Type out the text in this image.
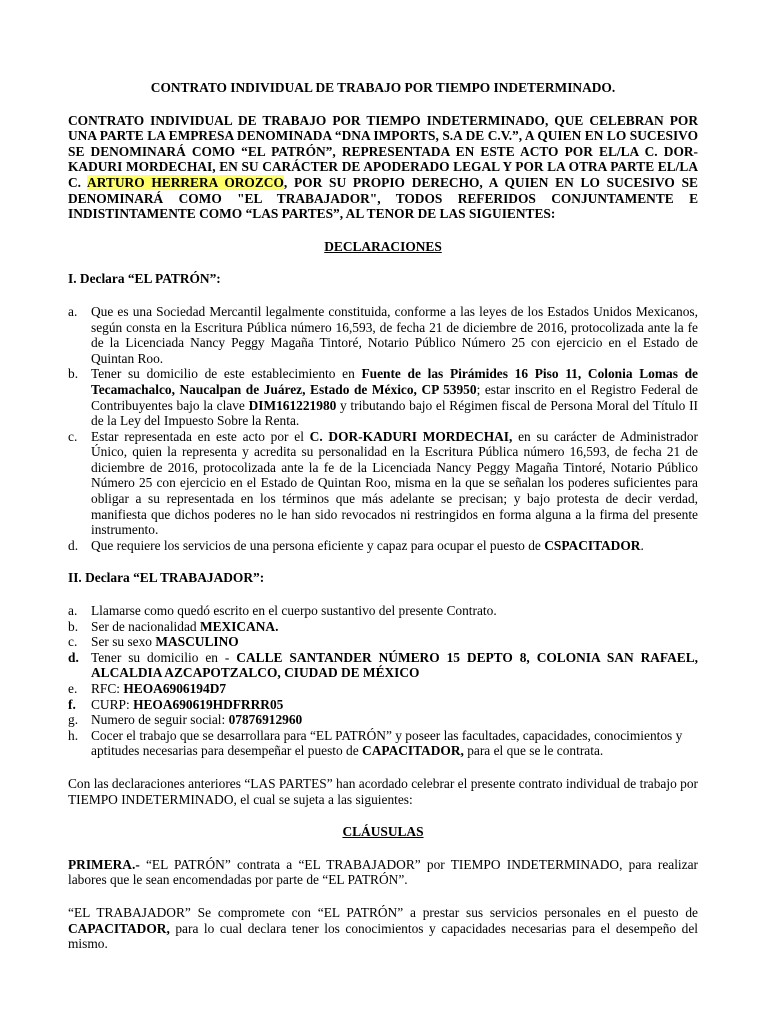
CONTRATO INDIVIDUAL DE TRABAJO POR TIEMPO INDETERMINADO.
CONTRATO INDIVIDUAL DE TRABAJO POR TIEMPO INDETERMINADO, QUE CELEBRAN POR UNA PARTE LA EMPRESA DENOMINADA “DNA IMPORTS, S.A DE C.V.”, A QUIEN EN LO SUCESIVO SE DENOMINARÁ COMO “EL PATRÓN”, REPRESENTADA EN ESTE ACTO POR EL/LA C. DOR-KADURI MORDECHAI, EN SU CARÁCTER DE APODERADO LEGAL Y POR LA OTRA PARTE EL/LA C. ARTURO HERRERA OROZCO, POR SU PROPIO DERECHO, A QUIEN EN LO SUCESIVO SE DENOMINARÁ COMO "EL TRABAJADOR", TODOS REFERIDOS CONJUNTAMENTE E INDISTINTAMENTE COMO “LAS PARTES”, AL TENOR DE LAS SIGUIENTES:
DECLARACIONES
I. Declara “EL PATRÓN”:
a. Que es una Sociedad Mercantil legalmente constituida, conforme a las leyes de los Estados Unidos Mexicanos, según consta en la Escritura Pública número 16,593, de fecha 21 de diciembre de 2016, protocolizada ante la fe de la Licenciada Nancy Peggy Magaña Tintoré, Notario Público Número 25 con ejercicio en el Estado de Quintan Roo.
b. Tener su domicilio de este establecimiento en Fuente de las Pirámides 16 Piso 11, Colonia Lomas de Tecamachalco, Naucalpan de Juárez, Estado de México, CP 53950; estar inscrito en el Registro Federal de Contribuyentes bajo la clave DIM161221980 y tributando bajo el Régimen fiscal de Persona Moral del Título II de la Ley del Impuesto Sobre la Renta.
c. Estar representada en este acto por el C. DOR-KADURI MORDECHAI, en su carácter de Administrador Único, quien la representa y acredita su personalidad en la Escritura Pública número 16,593, de fecha 21 de diciembre de 2016, protocolizada ante la fe de la Licenciada Nancy Peggy Magaña Tintoré, Notario Público Número 25 con ejercicio en el Estado de Quintan Roo, misma en la que se señalan los poderes suficientes para obligar a su representada en los términos que más adelante se precisan; y bajo protesta de decir verdad, manifiesta que dichos poderes no le han sido revocados ni restringidos en forma alguna a la firma del presente instrumento.
d. Que requiere los servicios de una persona eficiente y capaz para ocupar el puesto de CSPACITADOR.
II. Declara “EL TRABAJADOR”:
a. Llamarse como quedó escrito en el cuerpo sustantivo del presente Contrato.
b. Ser de nacionalidad MEXICANA.
c. Ser su sexo MASCULINO
d. Tener su domicilio en - CALLE SANTANDER NÚMERO 15 DEPTO 8, COLONIA SAN RAFAEL, ALCALDIA AZCAPOTZALCO, CIUDAD DE MÉXICO
e. RFC: HEOA6906194D7
f. CURP: HEOA690619HDFRRR05
g. Numero de seguir social: 07876912960
h. Cocer el trabajo que se desarrollara para “EL PATRÓN” y poseer las facultades, capacidades, conocimientos y aptitudes necesarias para desempeñar el puesto de CAPACITADOR, para el que se le contrata.
Con las declaraciones anteriores “LAS PARTES” han acordado celebrar el presente contrato individual de trabajo por TIEMPO INDETERMINADO, el cual se sujeta a las siguientes:
CLÁUSULAS
PRIMERA.- “EL PATRÓN” contrata a “EL TRABAJADOR” por TIEMPO INDETERMINADO, para realizar labores que le sean encomendadas por parte de “EL PATRÓN”.
“EL TRABAJADOR” Se compromete con “EL PATRÓN” a prestar sus servicios personales en el puesto de CAPACITADOR, para lo cual declara tener los conocimientos y capacidades necesarias para el desempeño del mismo.
